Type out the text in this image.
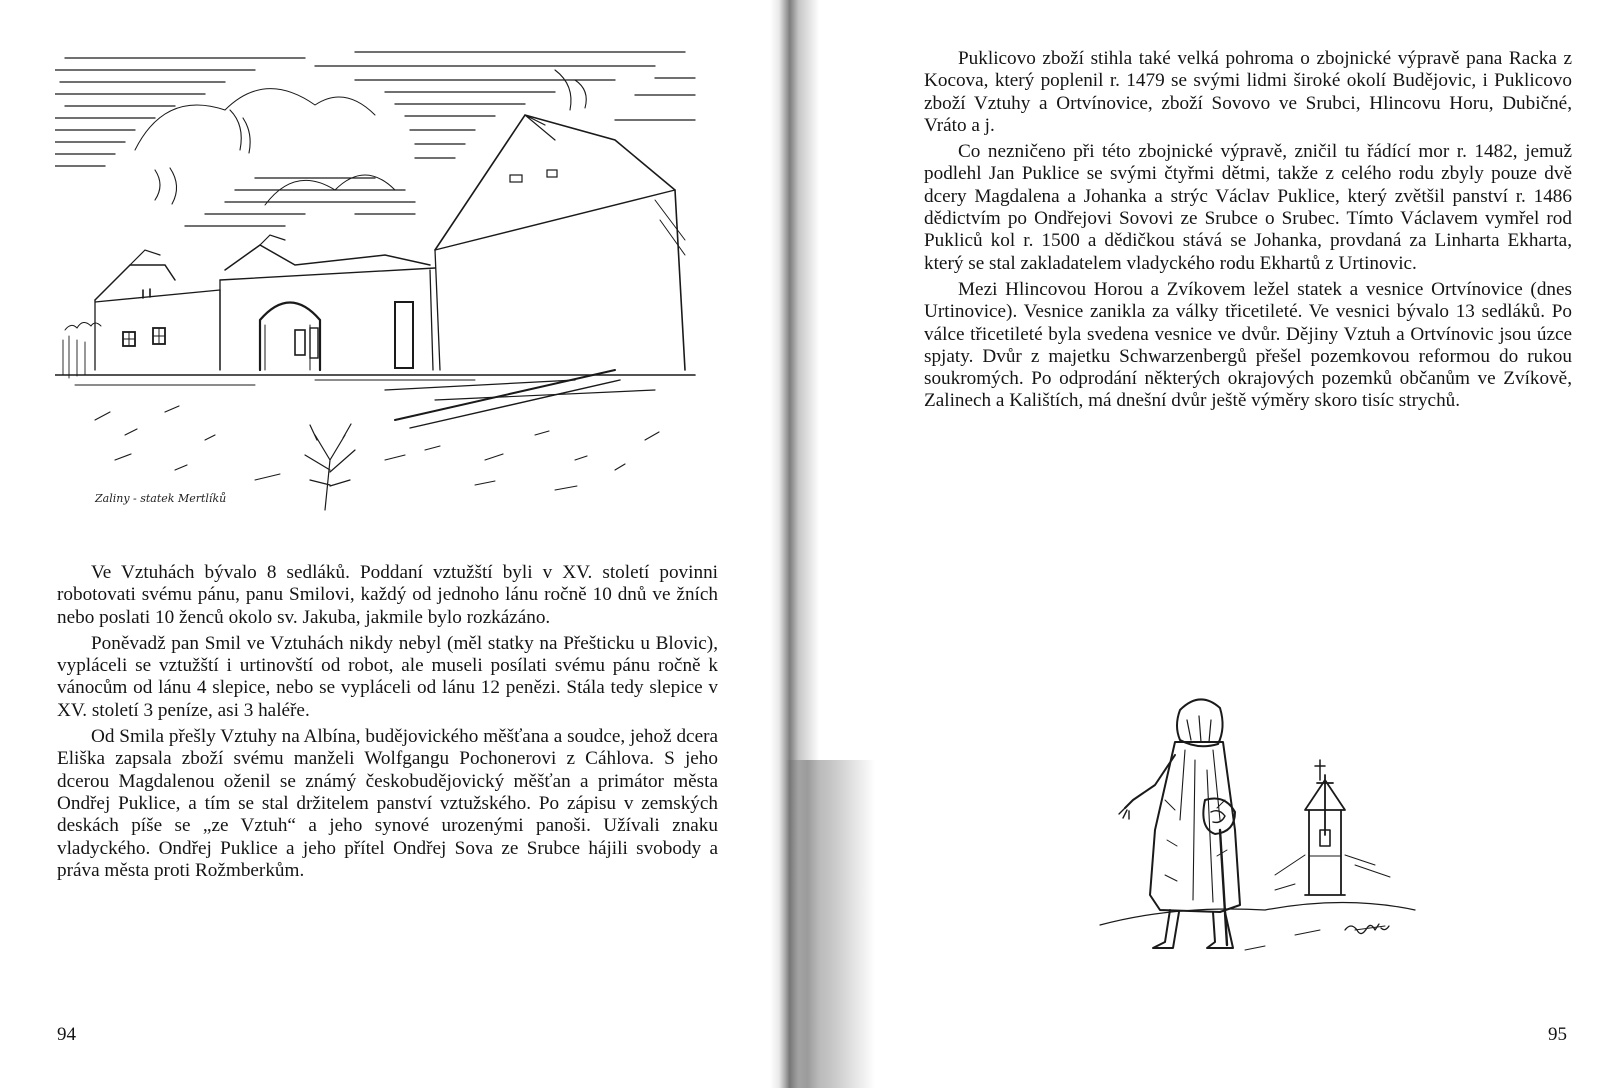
Zaliny - statek Mertlíků

Ve Vztuhách bývalo 8 sedláků. Poddaní vztužští byli v XV. století povinni robotovati svému pánu, panu Smilovi, každý od jednoho lánu ročně 10 dnů ve žních nebo poslati 10 ženců okolo sv. Jakuba, jakmile bylo rozkázáno.

Poněvadž pan Smil ve Vztuhách nikdy nebyl (měl statky na Přešticku u Blovic), vypláceli se vztužští i urtinovští od robot, ale museli posílati svému pánu ročně k vánocům od lánu 4 slepice, nebo se vypláceli od lánu 12 penězi. Stála tedy slepice v XV. století 3 peníze, asi 3 haléře.

Od Smila přešly Vztuhy na Albína, budějovického měšťana a soudce, jehož dcera Eliška zapsala zboží svému manželi Wolfgangu Pochonerovi z Cáhlova. S jeho dcerou Magdalenou oženil se známý českobudějovický měšťan a primátor města Ondřej Puklice, a tím se stal držitelem panství vztužského. Po zápisu v zemských deskách píše se „ze Vztuh“ a jeho synové urozenými panoši. Užívali znaku vladyckého. Ondřej Puklice a jeho přítel Ondřej Sova ze Srubce hájili svobody a práva města proti Rožmberkům.

94

Puklicovo zboží stihla také velká pohroma o zbojnické výpravě pana Racka z Kocova, který poplenil r. 1479 se svými lidmi široké okolí Budějovic, i Puklicovo zboží Vztuhy a Ortvínovice, zboží Sovovo ve Srubci, Hlincovu Horu, Dubičné, Vráto a j.

Co nezničeno při této zbojnické výpravě, zničil tu řádící mor r. 1482, jemuž podlehl Jan Puklice se svými čtyřmi dětmi, takže z celého rodu zbyly pouze dvě dcery Magdalena a Johanka a strýc Václav Puklice, který zvětšil panství r. 1486 dědictvím po Ondřejovi Sovovi ze Srubce o Srubec. Tímto Václavem vymřel rod Pukliců kol r. 1500 a dědičkou stává se Johanka, provdaná za Linharta Ekharta, který se stal zakladatelem vladyckého rodu Ekhartů z Urtinovic.

Mezi Hlincovou Horou a Zvíkovem ležel statek a vesnice Ortvínovice (dnes Urtinovice). Vesnice zanikla za války třicetileté. Ve vesnici bývalo 13 sedláků. Po válce třicetileté byla svedena vesnice ve dvůr. Dějiny Vztuh a Ortvínovic jsou úzce spjaty. Dvůr z majetku Schwarzenbergů přešel pozemkovou reformou do rukou soukromých. Po odprodání některých okrajových pozemků občanům ve Zvíkově, Zalinech a Kalištích, má dnešní dvůr ještě výměry skoro tisíc strychů.

95
